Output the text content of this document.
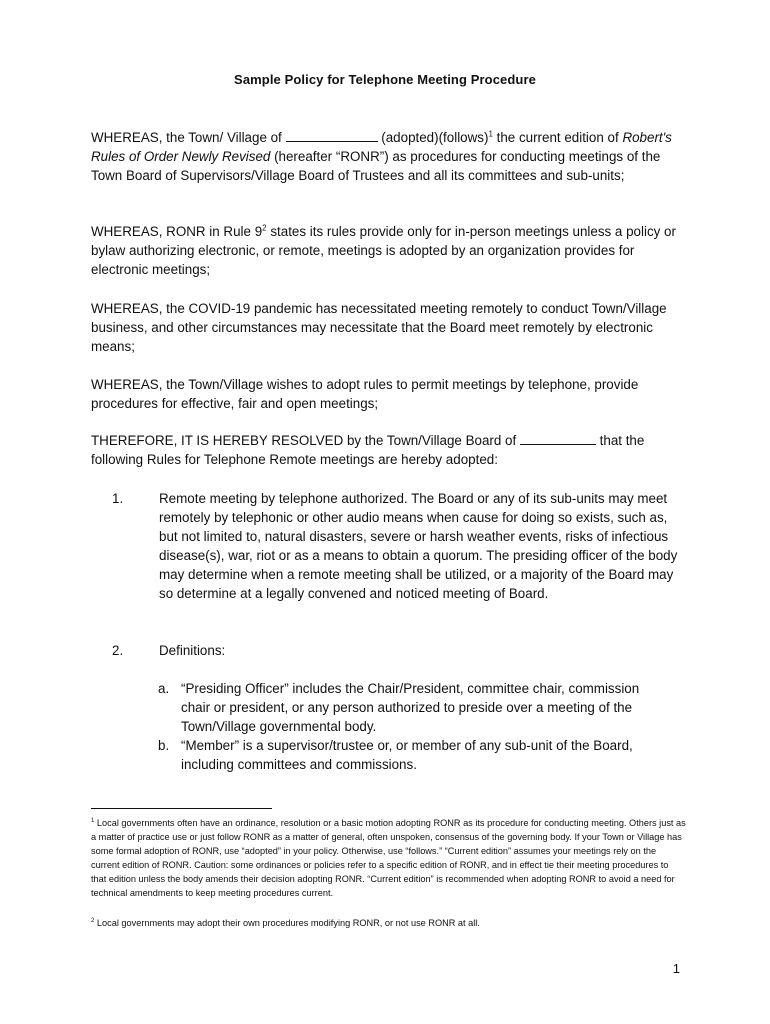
Sample Policy for Telephone Meeting Procedure
WHEREAS, the Town/ Village of	(adopted)(follows)$^1$ the current edition of Robert's Rules of Order Newly Revised (hereafter “RONR”) as procedures for conducting meetings of the Town Board of Supervisors/Village Board of Trustees and all its committees and sub-units;
WHEREAS, RONR in Rule $9^2$ states its rules provide only for in-person meetings unless a policy or bylaw authorizing electronic, or remote, meetings is adopted by an organization provides for electronic meetings;
WHEREAS, the COVID-19 pandemic has necessitated meeting remotely to conduct Town/Village business, and other circumstances may necessitate that the Board meet remotely by electronic means;
WHEREAS, the Town/Village wishes to adopt rules to permit meetings by telephone, provide procedures for effective, fair and open meetings;
THEREFORE, IT IS HEREBY RESOLVED by the Town/Village Board of	that the following Rules for Telephone Remote meetings are hereby adopted:
1.	Remote meeting by telephone authorized. The Board or any of its sub-units may meet remotely by telephonic or other audio means when cause for doing so exists, such as, but not limited to, natural disasters, severe or harsh weather events, risks of infectious disease(s), war, riot or as a means to obtain a quorum. The presiding officer of the body may determine when a remote meeting shall be utilized, or a majority of the Board may so determine at a legally convened and noticed meeting of Board.
2.	Definitions:
a. “Presiding Officer” includes the Chair/President, committee chair, commission chair or president, or any person authorized to preside over a meeting of the Town/Village governmental body.
b. “Member” is a supervisor/trustee or, or member of any sub-unit of the Board, including committees and commissions.
$^1$ Local governments often have an ordinance, resolution or a basic motion adopting RONR as its procedure for conducting meeting. Others just as a matter of practice use or just follow RONR as a matter of general, often unspoken, consensus of the governing body. If your Town or Village has some formal adoption of RONR, use “adopted” in your policy. Otherwise, use “follows.” “Current edition” assumes your meetings rely on the current edition of RONR. Caution: some ordinances or policies refer to a specific edition of RONR, and in effect tie their meeting procedures to that edition unless the body amends their decision adopting RONR. “Current edition” is recommended when adopting RONR to avoid a need for technical amendments to keep meeting procedures current.
$^2$ Local governments may adopt their own procedures modifying RONR, or not use RONR at all.
1
